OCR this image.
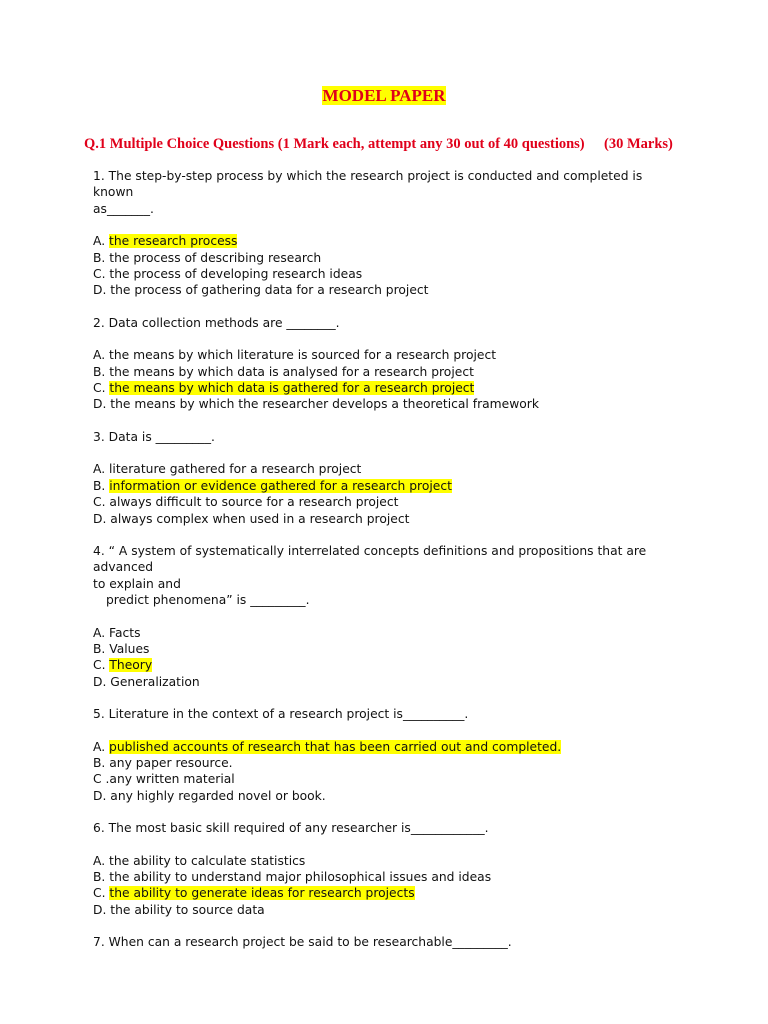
MODEL PAPER
Q.1 Multiple Choice Questions (1 Mark each, attempt any 30 out of 40 questions) (30 Marks)
1. The step-by-step process by which the research project is conducted and completed is known
as_______.
A. the research process
B. the process of describing research
C. the process of developing research ideas
D. the process of gathering data for a research project
2. Data collection methods are ________.
A. the means by which literature is sourced for a research project
B. the means by which data is analysed for a research project
C. the means by which data is gathered for a research project
D. the means by which the researcher develops a theoretical framework
3. Data is _________.
A. literature gathered for a research project
B. information or evidence gathered for a research project
C. always difficult to source for a research project
D. always complex when used in a research project
4. “ A system of systematically interrelated concepts definitions and propositions that are advanced
to explain and
predict phenomena” is _________.
A. Facts
B. Values
C. Theory
D. Generalization
5. Literature in the context of a research project is__________.
A. published accounts of research that has been carried out and completed.
B. any paper resource.
C .any written material
D. any highly regarded novel or book.
6. The most basic skill required of any researcher is____________.
A. the ability to calculate statistics
B. the ability to understand major philosophical issues and ideas
C. the ability to generate ideas for research projects
D. the ability to source data
7. When can a research project be said to be researchable_________.
